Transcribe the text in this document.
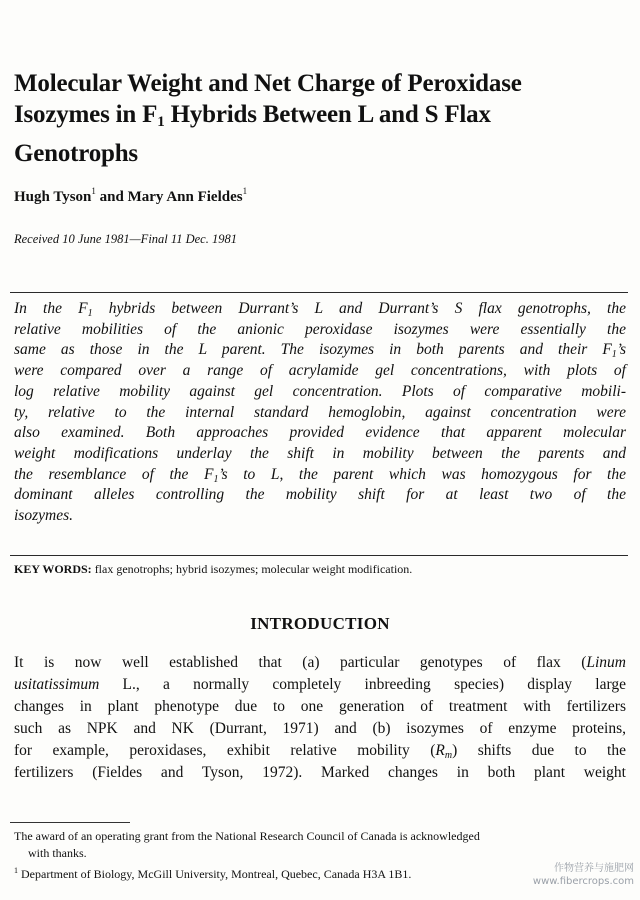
Molecular Weight and Net Charge of Peroxidase
Isozymes in $F_1$ Hybrids Between L and S Flax
Genotrophs
Hugh Tyson$^1$ and Mary Ann Fieldes$^1$
Received 10 June 1981—Final 11 Dec. 1981
In the $F_1$ hybrids between Durrant’s L and Durrant’s S flax genotrophs, the
relative mobilities of the anionic peroxidase isozymes were essentially the
same as those in the L parent. The isozymes in both parents and their $F_1’s$
were compared over a range of acrylamide gel concentrations, with plots of
log relative mobility against gel concentration. Plots of comparative mobili-
ty, relative to the internal standard hemoglobin, against concentration were
also examined. Both approaches provided evidence that apparent molecular
weight modifications underlay the shift in mobility between the parents and
the resemblance of the $F_1’s$ to L, the parent which was homozygous for the
dominant alleles controlling the mobility shift for at least two of the
isozymes.
KEY WORDS: flax genotrophs; hybrid isozymes; molecular weight modification.
INTRODUCTION
It is now well established that (a) particular genotypes of flax (Linum
usitatissimum L., a normally completely inbreeding species) display large
changes in plant phenotype due to one generation of treatment with fertilizers
such as NPK and NK (Durrant, 1971) and (b) isozymes of enzyme proteins,
for example, peroxidases, exhibit relative mobility $(R_m)$ shifts due to the
fertilizers (Fieldes and Tyson, 1972). Marked changes in both plant weight
The award of an operating grant from the National Research Council of Canada is acknowledged
with thanks.
$^1$ Department of Biology, McGill University, Montreal, Quebec, Canada H3A 1B1.	作物营养与施肥网
www.fibercrops.com
